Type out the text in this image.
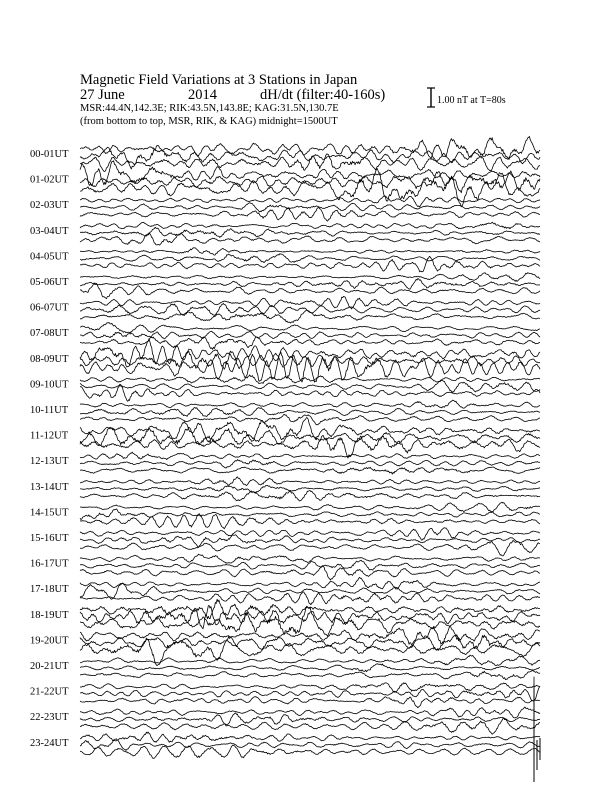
Magnetic Field Variations at 3 Stations in Japan
27 June	2014	dH/dt (filter:40-160s)
MSR:44.4N,142.3E; RIK:43.5N,143.8E; KAG:31.5N,130.7E
(from bottom to top, MSR, RIK, & KAG) midnight=1500UT
1.00 nT at T=80s
00-01UT
01-02UT
02-03UT
03-04UT
04-05UT
05-06UT
06-07UT
07-08UT
08-09UT
09-10UT
10-11UT
11-12UT
12-13UT
13-14UT
14-15UT
15-16UT
16-17UT
17-18UT
18-19UT
19-20UT
20-21UT
21-22UT
22-23UT
23-24UT
